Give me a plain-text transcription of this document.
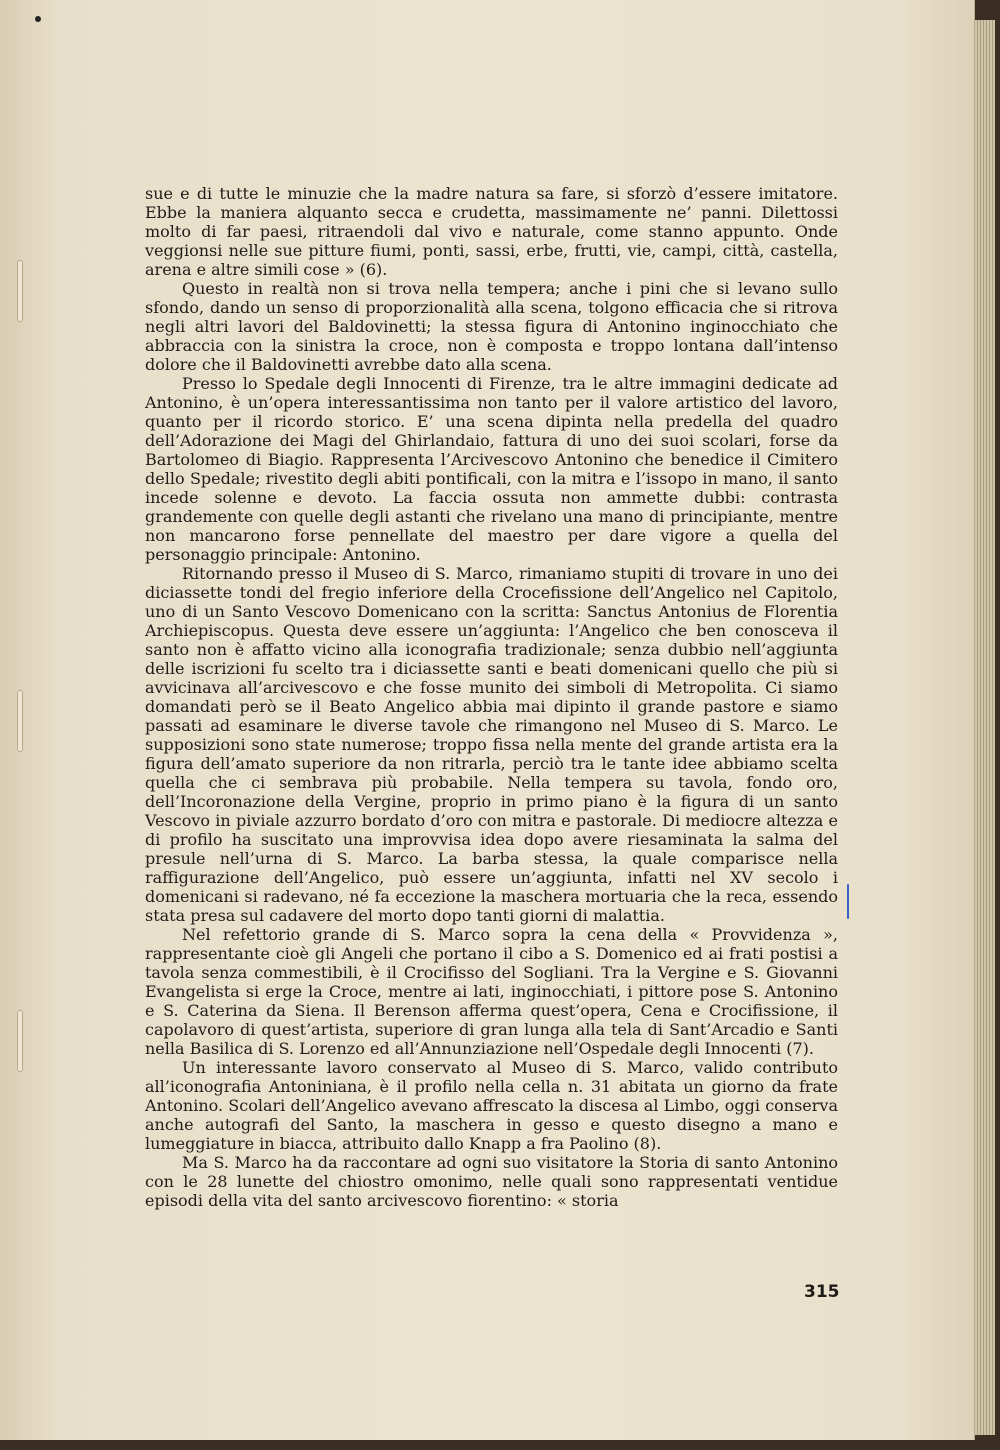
sue e di tutte le minuzie che la madre natura sa fare, si sforzò d’essere imitatore. Ebbe la maniera alquanto secca e crudetta, massimamente ne’ panni. Dilettossi molto di far paesi, ritraendoli dal vivo e naturale, come stanno appunto. Onde veggionsi nelle sue pitture fiumi, ponti, sassi, erbe, frutti, vie, campi, città, castella, arena e altre simili cose » (6).

Questo in realtà non si trova nella tempera; anche i pini che si levano sullo sfondo, dando un senso di proporzionalità alla scena, tolgono efficacia che si ritrova negli altri lavori del Baldovinetti; la stessa figura di Antonino inginocchiato che abbraccia con la sinistra la croce, non è composta e troppo lontana dall’intenso dolore che il Baldovinetti avrebbe dato alla scena.

Presso lo Spedale degli Innocenti di Firenze, tra le altre immagini dedicate ad Antonino, è un’opera interessantissima non tanto per il valore artistico del lavoro, quanto per il ricordo storico. E’ una scena dipinta nella predella del quadro dell’Adorazione dei Magi del Ghirlandaio, fattura di uno dei suoi scolari, forse da Bartolomeo di Biagio. Rappresenta l’Arcivescovo Antonino che benedice il Cimitero dello Spedale; rivestito degli abiti pontificali, con la mitra e l’issopo in mano, il santo incede solenne e devoto. La faccia ossuta non ammette dubbi: contrasta grandemente con quelle degli astanti che rivelano una mano di principiante, mentre non mancarono forse pennellate del maestro per dare vigore a quella del personaggio principale: Antonino.

Ritornando presso il Museo di S. Marco, rimaniamo stupiti di trovare in uno dei diciassette tondi del fregio inferiore della Crocefissione dell’Angelico nel Capitolo, uno di un Santo Vescovo Domenicano con la scritta: Sanctus Antonius de Florentia Archiepiscopus. Questa deve essere un’aggiunta: l’Angelico che ben conosceva il santo non è affatto vicino alla iconografia tradizionale; senza dubbio nell’aggiunta delle iscrizioni fu scelto tra i diciassette santi e beati domenicani quello che più si avvicinava all’arcivescovo e che fosse munito dei simboli di Metropolita. Ci siamo domandati però se il Beato Angelico abbia mai dipinto il grande pastore e siamo passati ad esaminare le diverse tavole che rimangono nel Museo di S. Marco. Le supposizioni sono state numerose; troppo fissa nella mente del grande artista era la figura dell’amato superiore da non ritrarla, perciò tra le tante idee abbiamo scelta quella che ci sembrava più probabile. Nella tempera su tavola, fondo oro, dell’Incoronazione della Vergine, proprio in primo piano è la figura di un santo Vescovo in piviale azzurro bordato d’oro con mitra e pastorale. Di mediocre altezza e di profilo ha suscitato una improvvisa idea dopo avere riesaminata la salma del presule nell’urna di S. Marco. La barba stessa, la quale comparisce nella raffigurazione dell’Angelico, può essere un’aggiunta, infatti nel XV secolo i domenicani si radevano, né fa eccezione la maschera mortuaria che la reca, essendo stata presa sul cadavere del morto dopo tanti giorni di malattia.

Nel refettorio grande di S. Marco sopra la cena della « Provvidenza », rappresentante cioè gli Angeli che portano il cibo a S. Domenico ed ai frati postisi a tavola senza commestibili, è il Crocifisso del Sogliani. Tra la Vergine e S. Giovanni Evangelista si erge la Croce, mentre ai lati, inginocchiati, i pittore pose S. Antonino e S. Caterina da Siena. Il Berenson afferma quest’opera, Cena e Crocifissione, il capolavoro di quest’artista, superiore di gran lunga alla tela di Sant’Arcadio e Santi nella Basilica di S. Lorenzo ed all’Annunziazione nell’Ospedale degli Innocenti (7).

Un interessante lavoro conservato al Museo di S. Marco, valido contributo all’iconografia Antoniniana, è il profilo nella cella n. 31 abitata un giorno da frate Antonino. Scolari dell’Angelico avevano affrescato la discesa al Limbo, oggi conserva anche autografi del Santo, la maschera in gesso e questo disegno a mano e lumeggiature in biacca, attribuito dallo Knapp a fra Paolino (8).

Ma S. Marco ha da raccontare ad ogni suo visitatore la Storia di santo Antonino con le 28 lunette del chiostro omonimo, nelle quali sono rappresentati ventidue episodi della vita del santo arcivescovo fiorentino: « storia

315
